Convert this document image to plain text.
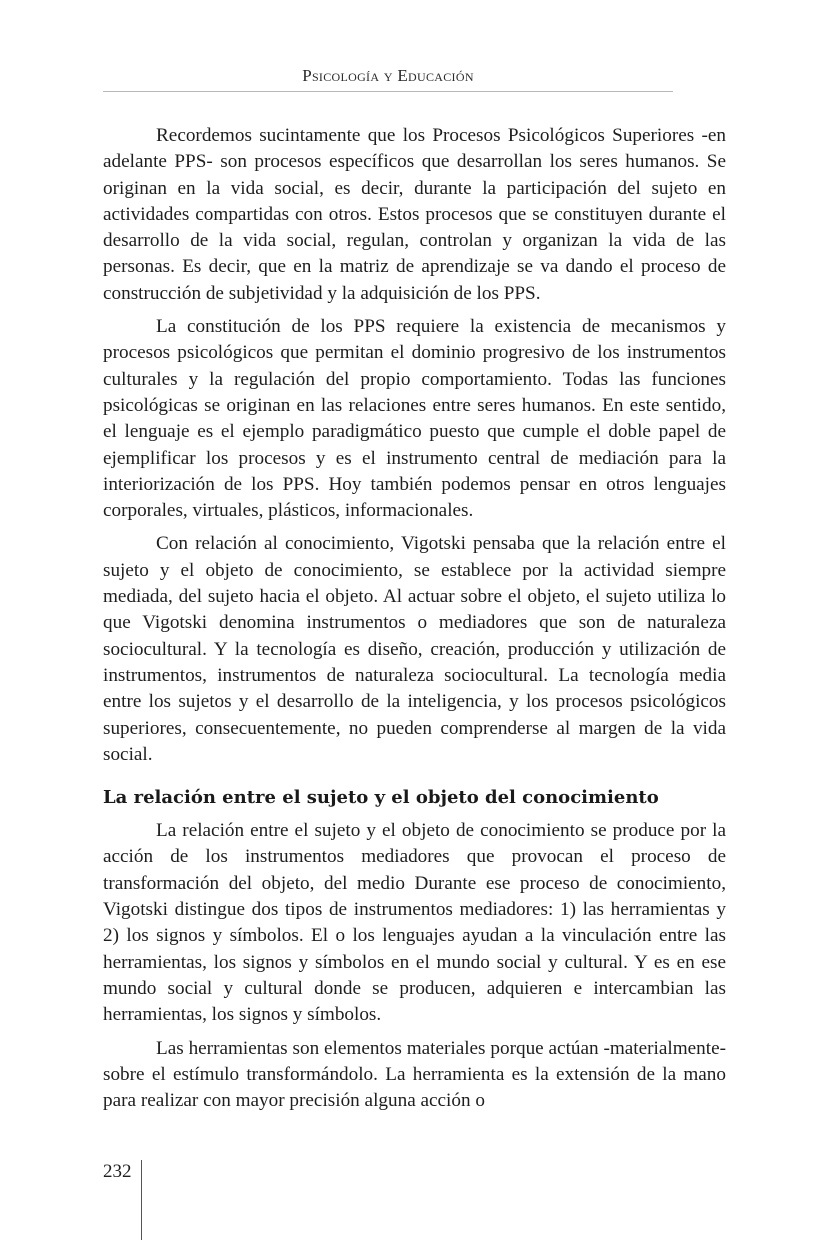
Psicología y Educación

Recordemos sucintamente que los Procesos Psicológicos Superiores -en adelante PPS- son procesos específicos que desarrollan los seres humanos. Se originan en la vida social, es decir, durante la participación del sujeto en actividades compartidas con otros. Estos procesos que se constituyen durante el desarrollo de la vida social, regulan, controlan y organizan la vida de las personas. Es decir, que en la matriz de aprendizaje se va dando el proceso de construcción de subjetividad y la adquisición de los PPS.

La constitución de los PPS requiere la existencia de mecanismos y procesos psicológicos que permitan el dominio progresivo de los instrumentos culturales y la regulación del propio comportamiento. Todas las funciones psicológicas se originan en las relaciones entre seres humanos. En este sentido, el lenguaje es el ejemplo paradigmático puesto que cumple el doble papel de ejemplificar los procesos y es el instrumento central de mediación para la interiorización de los PPS. Hoy también podemos pensar en otros lenguajes corporales, virtuales, plásticos, informacionales.

Con relación al conocimiento, Vigotski pensaba que la relación entre el sujeto y el objeto de conocimiento, se establece por la actividad siempre mediada, del sujeto hacia el objeto. Al actuar sobre el objeto, el sujeto utiliza lo que Vigotski denomina instrumentos o mediadores que son de naturaleza sociocultural. Y la tecnología es diseño, creación, producción y utilización de instrumentos, instrumentos de naturaleza sociocultural. La tecnología media entre los sujetos y el desarrollo de la inteligencia, y los procesos psicológicos superiores, consecuentemente, no pueden comprenderse al margen de la vida social.

La relación entre el sujeto y el objeto del conocimiento

La relación entre el sujeto y el objeto de conocimiento se produce por la acción de los instrumentos mediadores que provocan el proceso de transformación del objeto, del medio Durante ese proceso de conocimiento, Vigotski distingue dos tipos de instrumentos mediadores: 1) las herramientas y 2) los signos y símbolos. El o los lenguajes ayudan a la vinculación entre las herramientas, los signos y símbolos en el mundo social y cultural. Y es en ese mundo social y cultural donde se producen, adquieren e intercambian las herramientas, los signos y símbolos.

Las herramientas son elementos materiales porque actúan -materialmente- sobre el estímulo transformándolo. La herramienta es la extensión de la mano para realizar con mayor precisión alguna acción o

232
